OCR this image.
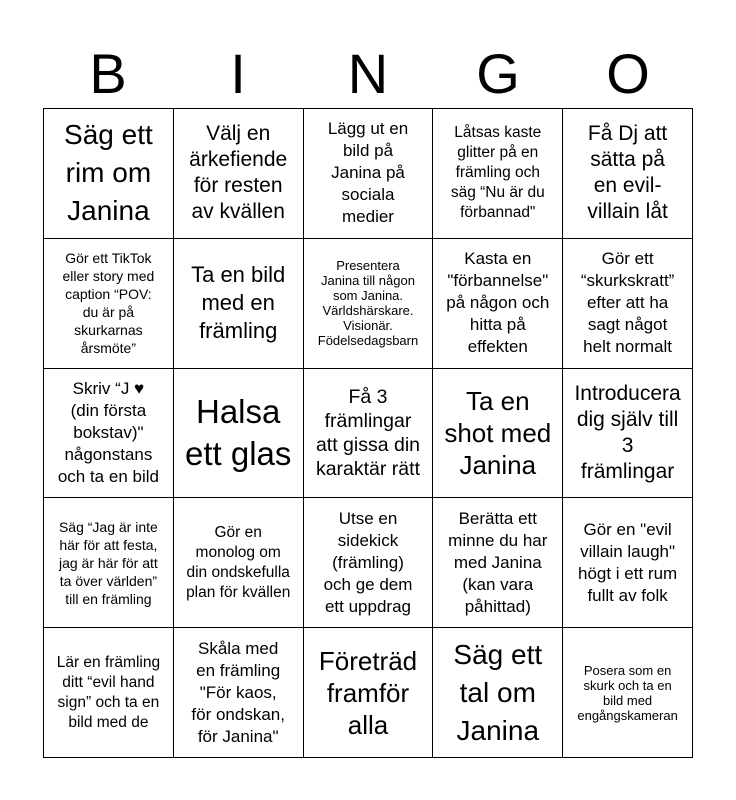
B	I	N	G	O
Säg ett
rim om
Janina
Välj en
ärkefiende
för resten
av kvällen
Lägg ut en
bild på
Janina på
sociala
medier
Låtsas kaste
glitter på en
främling och
säg “Nu är du
förbannad"
Få Dj att
sätta på
en evil-
villain låt
Gör ett TikTok
eller story med
caption “POV:
du är på
skurkarnas
årsmöte”
Ta en bild
med en
främling
Presentera
Janina till någon
som Janina.
Världshärskare.
Visionär.
Födelsedagsbarn
Kasta en
"förbannelse"
på någon och
hitta på
effekten
Gör ett
“skurkskratt”
efter att ha
sagt något
helt normalt
Skriv “J ♥
(din första
bokstav)"
någonstans
och ta en bild
Halsa
ett glas
Få 3
främlingar
att gissa din
karaktär rätt
Ta en
shot med
Janina
Introducera
dig själv till
3
främlingar
Säg “Jag är inte
här för att festa,
jag är här för att
ta över världen”
till en främling
Gör en
monolog om
din ondskefulla
plan för kvällen
Utse en
sidekick
(främling)
och ge dem
ett uppdrag
Berätta ett
minne du har
med Janina
(kan vara
påhittad)
Gör en "evil
villain laugh"
högt i ett rum
fullt av folk
Lär en främling
ditt “evil hand
sign” och ta en
bild med de
Skåla med
en främling
"För kaos,
för ondskan,
för Janina"
Företräd
framför
alla
Säg ett
tal om
Janina
Posera som en
skurk och ta en
bild med
engångskameran
